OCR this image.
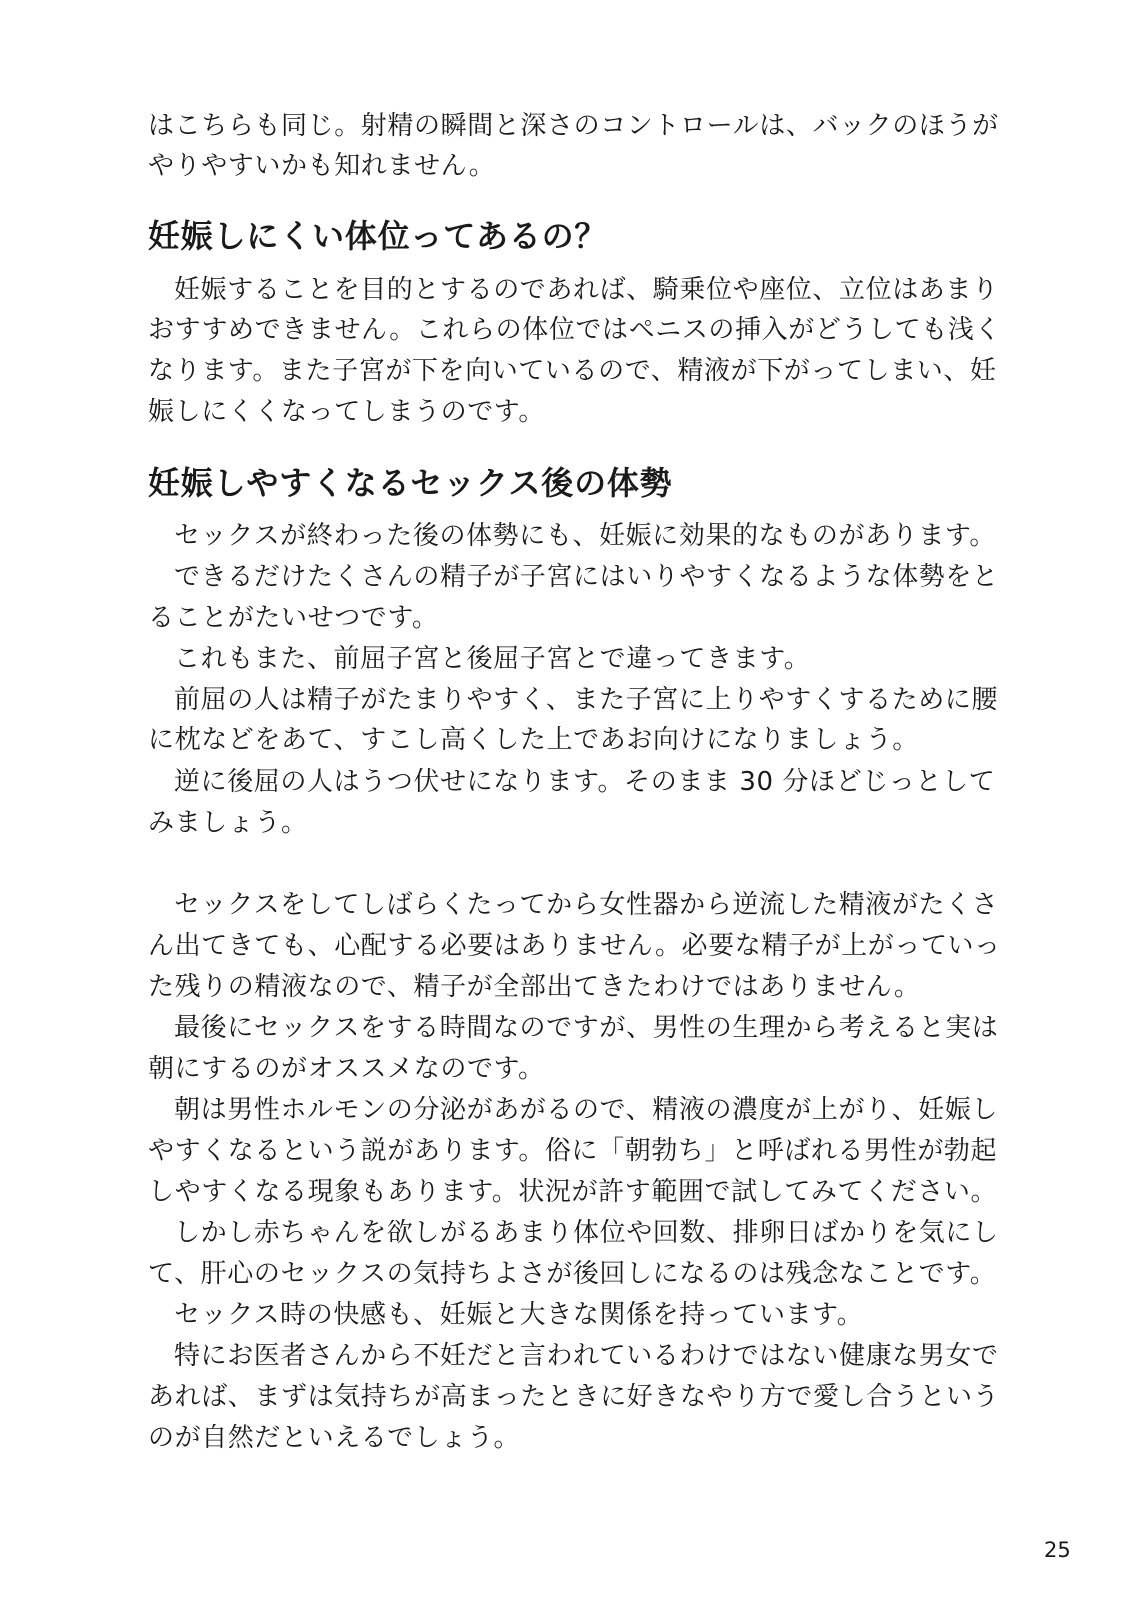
はこちらも同じ。射精の瞬間と深さのコントロールは、バックのほうが
やりやすいかも知れません。
妊娠しにくい体位ってあるの？
妊娠することを目的とするのであれば、騎乗位や座位、立位はあまり
おすすめできません。これらの体位ではペニスの挿入がどうしても浅く
なります。また子宮が下を向いているので、精液が下がってしまい、妊
娠しにくくなってしまうのです。
妊娠しやすくなるセックス後の体勢
セックスが終わった後の体勢にも、妊娠に効果的なものがあります。
できるだけたくさんの精子が子宮にはいりやすくなるような体勢をと
ることがたいせつです。
これもまた、前屈子宮と後屈子宮とで違ってきます。
前屈の人は精子がたまりやすく、また子宮に上りやすくするために腰
に枕などをあて、すこし高くした上であお向けになりましょう。
逆に後屈の人はうつ伏せになります。そのまま 30 分ほどじっとして
みましょう。
セックスをしてしばらくたってから女性器から逆流した精液がたくさ
ん出てきても、心配する必要はありません。必要な精子が上がっていっ
た残りの精液なので、精子が全部出てきたわけではありません。
最後にセックスをする時間なのですが、男性の生理から考えると実は
朝にするのがオススメなのです。
朝は男性ホルモンの分泌があがるので、精液の濃度が上がり、妊娠し
やすくなるという説があります。俗に「朝勃ち」と呼ばれる男性が勃起
しやすくなる現象もあります。状況が許す範囲で試してみてください。
しかし赤ちゃんを欲しがるあまり体位や回数、排卵日ばかりを気にし
て、肝心のセックスの気持ちよさが後回しになるのは残念なことです。
セックス時の快感も、妊娠と大きな関係を持っています。
特にお医者さんから不妊だと言われているわけではない健康な男女で
あれば、まずは気持ちが高まったときに好きなやり方で愛し合うという
のが自然だといえるでしょう。
25
